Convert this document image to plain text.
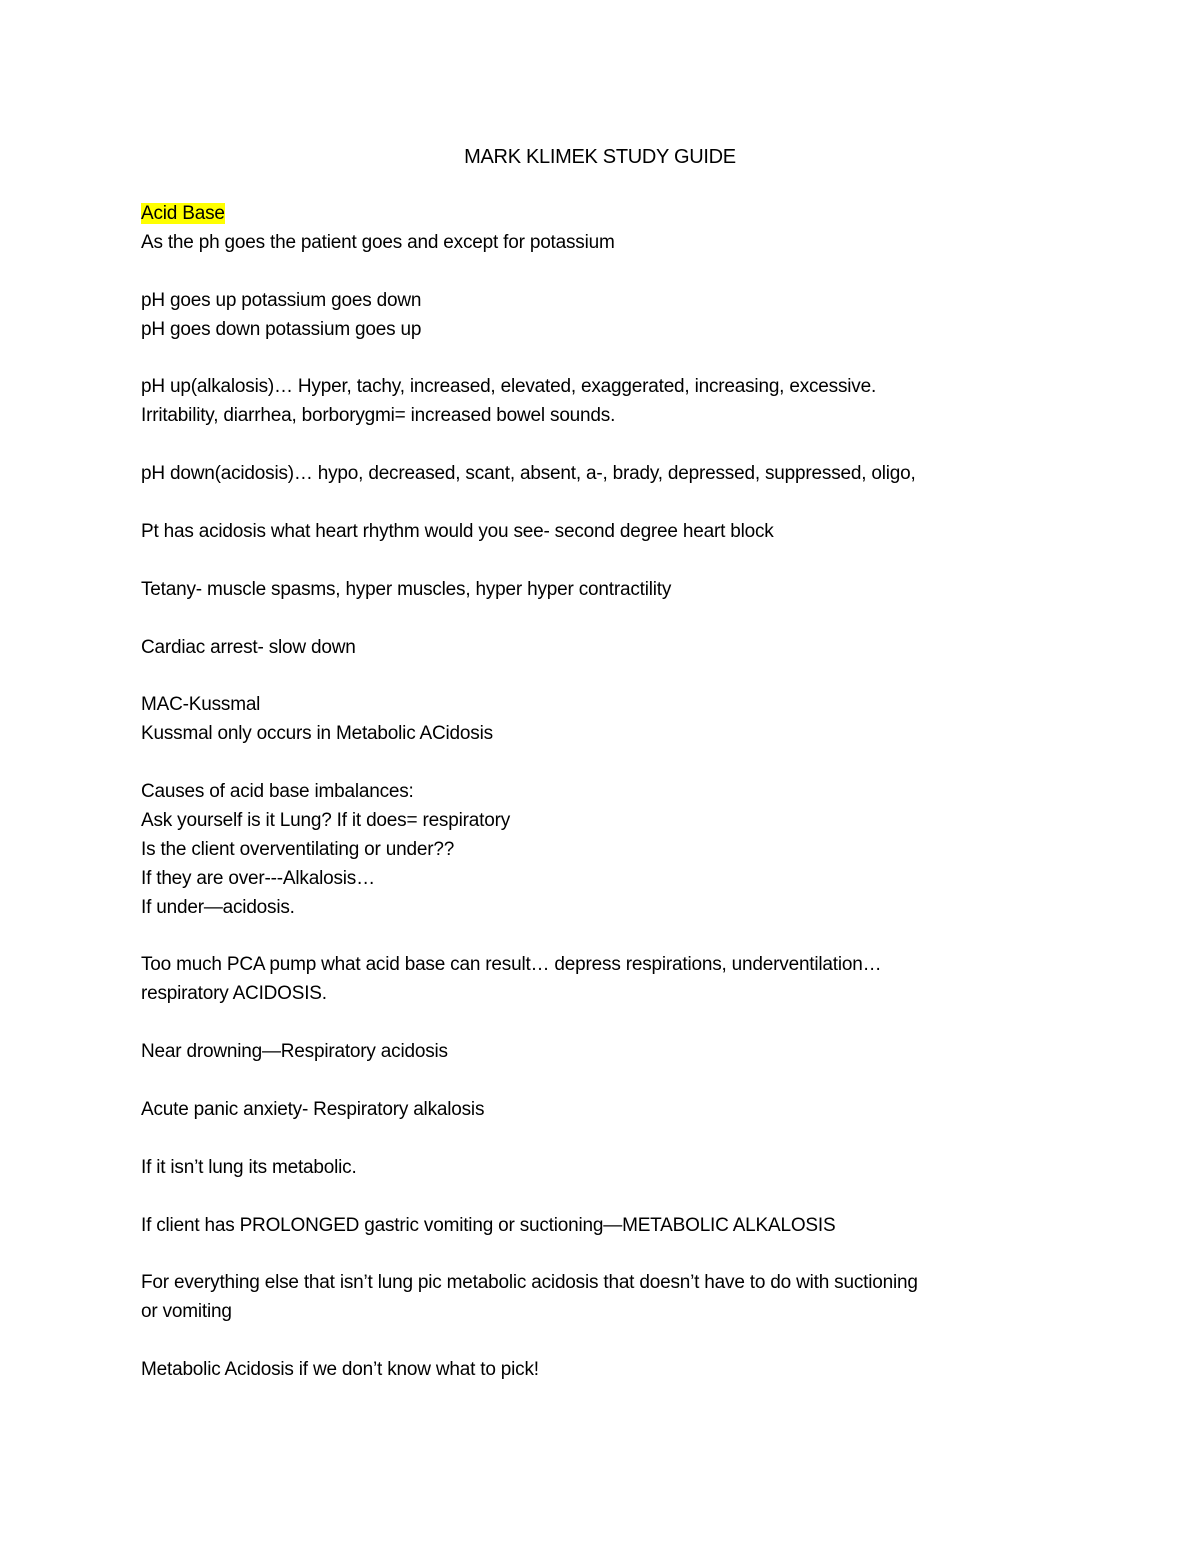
MARK KLIMEK STUDY GUIDE
Acid Base
As the ph goes the patient goes and except for potassium
pH goes up potassium goes down
pH goes down potassium goes up
pH up(alkalosis)… Hyper, tachy, increased, elevated, exaggerated, increasing, excessive.
Irritability, diarrhea, borborygmi= increased bowel sounds.
pH down(acidosis)… hypo, decreased, scant, absent, a-, brady, depressed, suppressed, oligo,
Pt has acidosis what heart rhythm would you see- second degree heart block
Tetany- muscle spasms, hyper muscles, hyper hyper contractility
Cardiac arrest- slow down
MAC-Kussmal
Kussmal only occurs in Metabolic ACidosis
Causes of acid base imbalances:
Ask yourself is it Lung? If it does= respiratory
Is the client overventilating or under??
If they are over---Alkalosis…
If under—acidosis.
Too much PCA pump what acid base can result… depress respirations, underventilation…
respiratory ACIDOSIS.
Near drowning—Respiratory acidosis
Acute panic anxiety- Respiratory alkalosis
If it isn’t lung its metabolic.
If client has PROLONGED gastric vomiting or suctioning—METABOLIC ALKALOSIS
For everything else that isn’t lung pic metabolic acidosis that doesn’t have to do with suctioning
or vomiting
Metabolic Acidosis if we don’t know what to pick!
